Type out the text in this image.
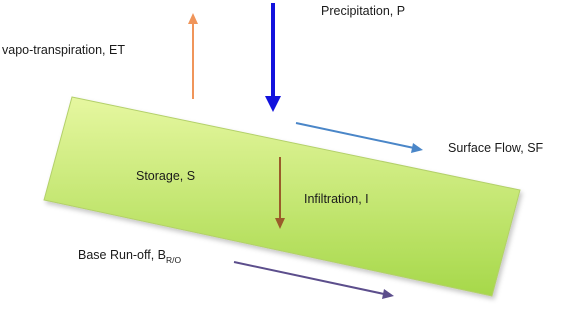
Precipitation, P
vapo-transpiration, ET
Surface Flow, SF
Storage, S
Infiltration, I
Base Run-off, $B_{R/O}$
